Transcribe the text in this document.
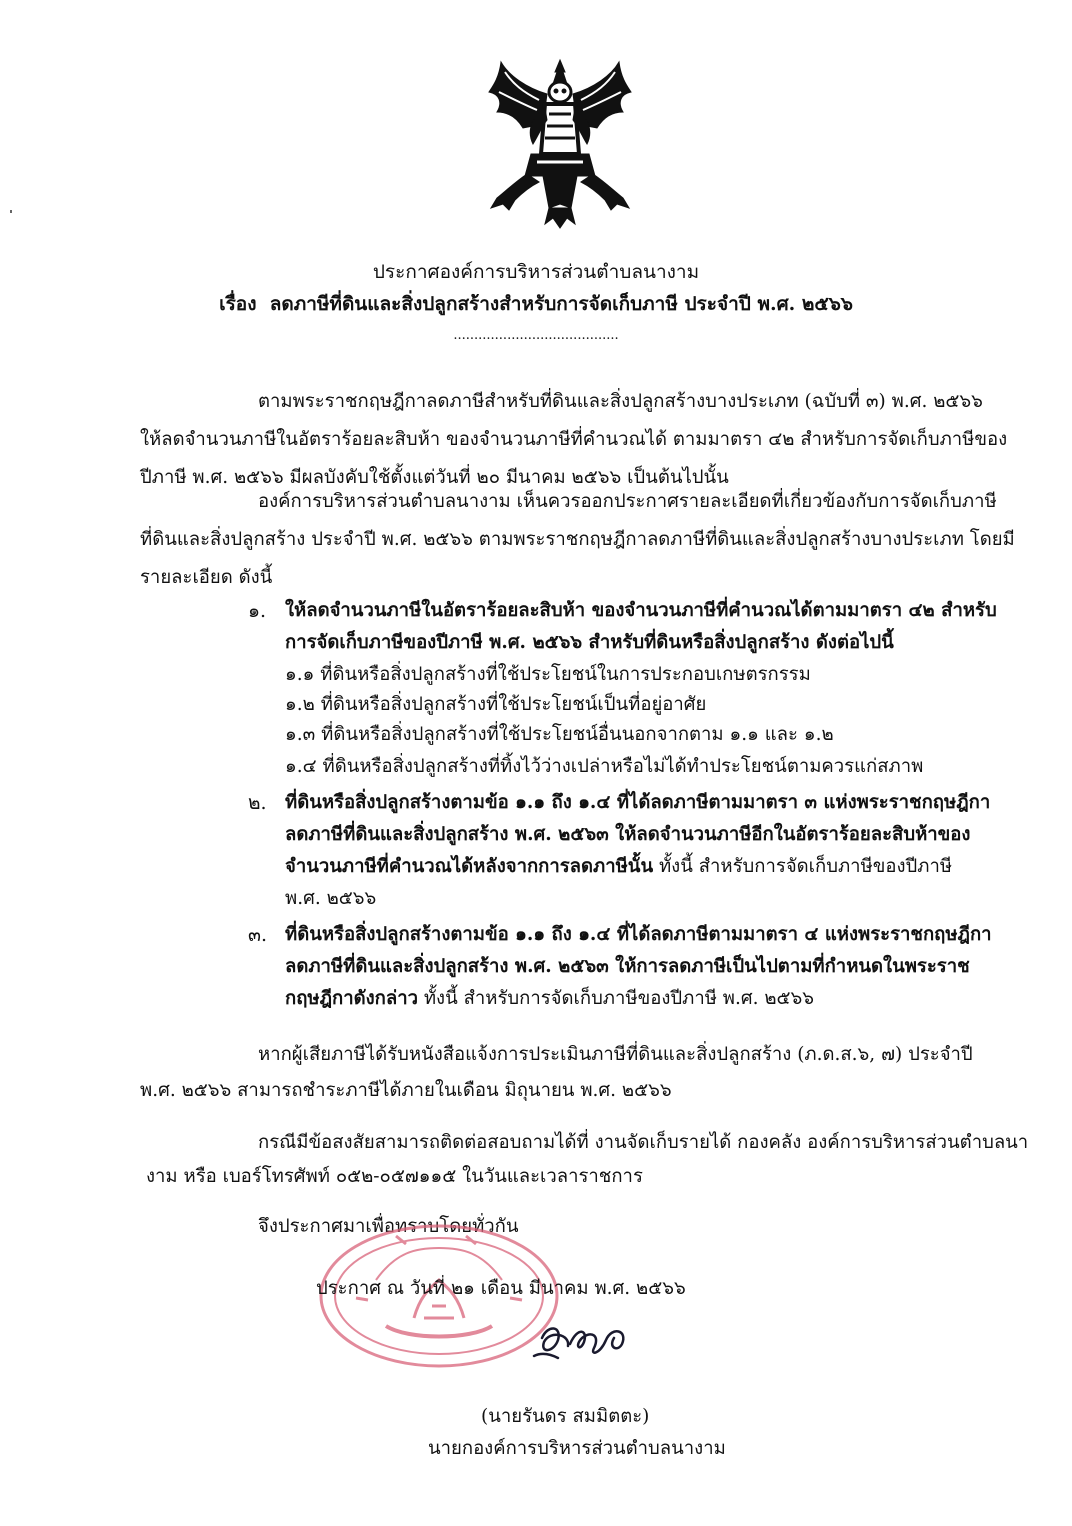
ประกาศองค์การบริหารส่วนตำบลนางาม
เรื่อง ลดภาษีที่ดินและสิ่งปลูกสร้างสำหรับการจัดเก็บภาษี ประจำปี พ.ศ. ๒๕๖๖
........................................
ตามพระราชกฤษฎีกาลดภาษีสำหรับที่ดินและสิ่งปลูกสร้างบางประเภท (ฉบับที่ ๓) พ.ศ. ๒๕๖๖
ให้ลดจำนวนภาษีในอัตราร้อยละสิบห้า ของจำนวนภาษีที่คำนวณได้ ตามมาตรา ๔๒ สำหรับการจัดเก็บภาษีของ
ปีภาษี พ.ศ. ๒๕๖๖ มีผลบังคับใช้ตั้งแต่วันที่ ๒๐ มีนาคม ๒๕๖๖ เป็นต้นไปนั้น
องค์การบริหารส่วนตำบลนางาม เห็นควรออกประกาศรายละเอียดที่เกี่ยวข้องกับการจัดเก็บภาษี
ที่ดินและสิ่งปลูกสร้าง ประจำปี พ.ศ. ๒๕๖๖ ตามพระราชกฤษฎีกาลดภาษีที่ดินและสิ่งปลูกสร้างบางประเภท โดยมี
รายละเอียด ดังนี้
๑. ให้ลดจำนวนภาษีในอัตราร้อยละสิบห้า ของจำนวนภาษีที่คำนวณได้ตามมาตรา ๔๒ สำหรับ
การจัดเก็บภาษีของปีภาษี พ.ศ. ๒๕๖๖ สำหรับที่ดินหรือสิ่งปลูกสร้าง ดังต่อไปนี้
๑.๑ ที่ดินหรือสิ่งปลูกสร้างที่ใช้ประโยชน์ในการประกอบเกษตรกรรม
๑.๒ ที่ดินหรือสิ่งปลูกสร้างที่ใช้ประโยชน์เป็นที่อยู่อาศัย
๑.๓ ที่ดินหรือสิ่งปลูกสร้างที่ใช้ประโยชน์อื่นนอกจากตาม ๑.๑ และ ๑.๒
๑.๔ ที่ดินหรือสิ่งปลูกสร้างที่ทิ้งไว้ว่างเปล่าหรือไม่ได้ทำประโยชน์ตามควรแก่สภาพ
๒. ที่ดินหรือสิ่งปลูกสร้างตามข้อ ๑.๑ ถึง ๑.๔ ที่ได้ลดภาษีตามมาตรา ๓ แห่งพระราชกฤษฎีกา
ลดภาษีที่ดินและสิ่งปลูกสร้าง พ.ศ. ๒๕๖๓ ให้ลดจำนวนภาษีอีกในอัตราร้อยละสิบห้าของ
จำนวนภาษีที่คำนวณได้หลังจากการลดภาษีนั้น ทั้งนี้ สำหรับการจัดเก็บภาษีของปีภาษี
พ.ศ. ๒๕๖๖
๓. ที่ดินหรือสิ่งปลูกสร้างตามข้อ ๑.๑ ถึง ๑.๔ ที่ได้ลดภาษีตามมาตรา ๔ แห่งพระราชกฤษฎีกา
ลดภาษีที่ดินและสิ่งปลูกสร้าง พ.ศ. ๒๕๖๓ ให้การลดภาษีเป็นไปตามที่กำหนดในพระราช
กฤษฎีกาดังกล่าว ทั้งนี้ สำหรับการจัดเก็บภาษีของปีภาษี พ.ศ. ๒๕๖๖
หากผู้เสียภาษีได้รับหนังสือแจ้งการประเมินภาษีที่ดินและสิ่งปลูกสร้าง (ภ.ด.ส.๖, ๗) ประจำปี
พ.ศ. ๒๕๖๖ สามารถชำระภาษีได้ภายในเดือน มิถุนายน พ.ศ. ๒๕๖๖
กรณีมีข้อสงสัยสามารถติดต่อสอบถามได้ที่ งานจัดเก็บรายได้ กองคลัง องค์การบริหารส่วนตำบลนา
งาม หรือ เบอร์โทรศัพท์ ๐๕๒-๐๕๗๑๑๕ ในวันและเวลาราชการ
จึงประกาศมาเพื่อทราบโดยทั่วกัน
ประกาศ ณ วันที่ ๒๑ เดือน มีนาคม พ.ศ. ๒๕๖๖
(นายรันดร สมมิตตะ)
นายกองค์การบริหารส่วนตำบลนางาม
